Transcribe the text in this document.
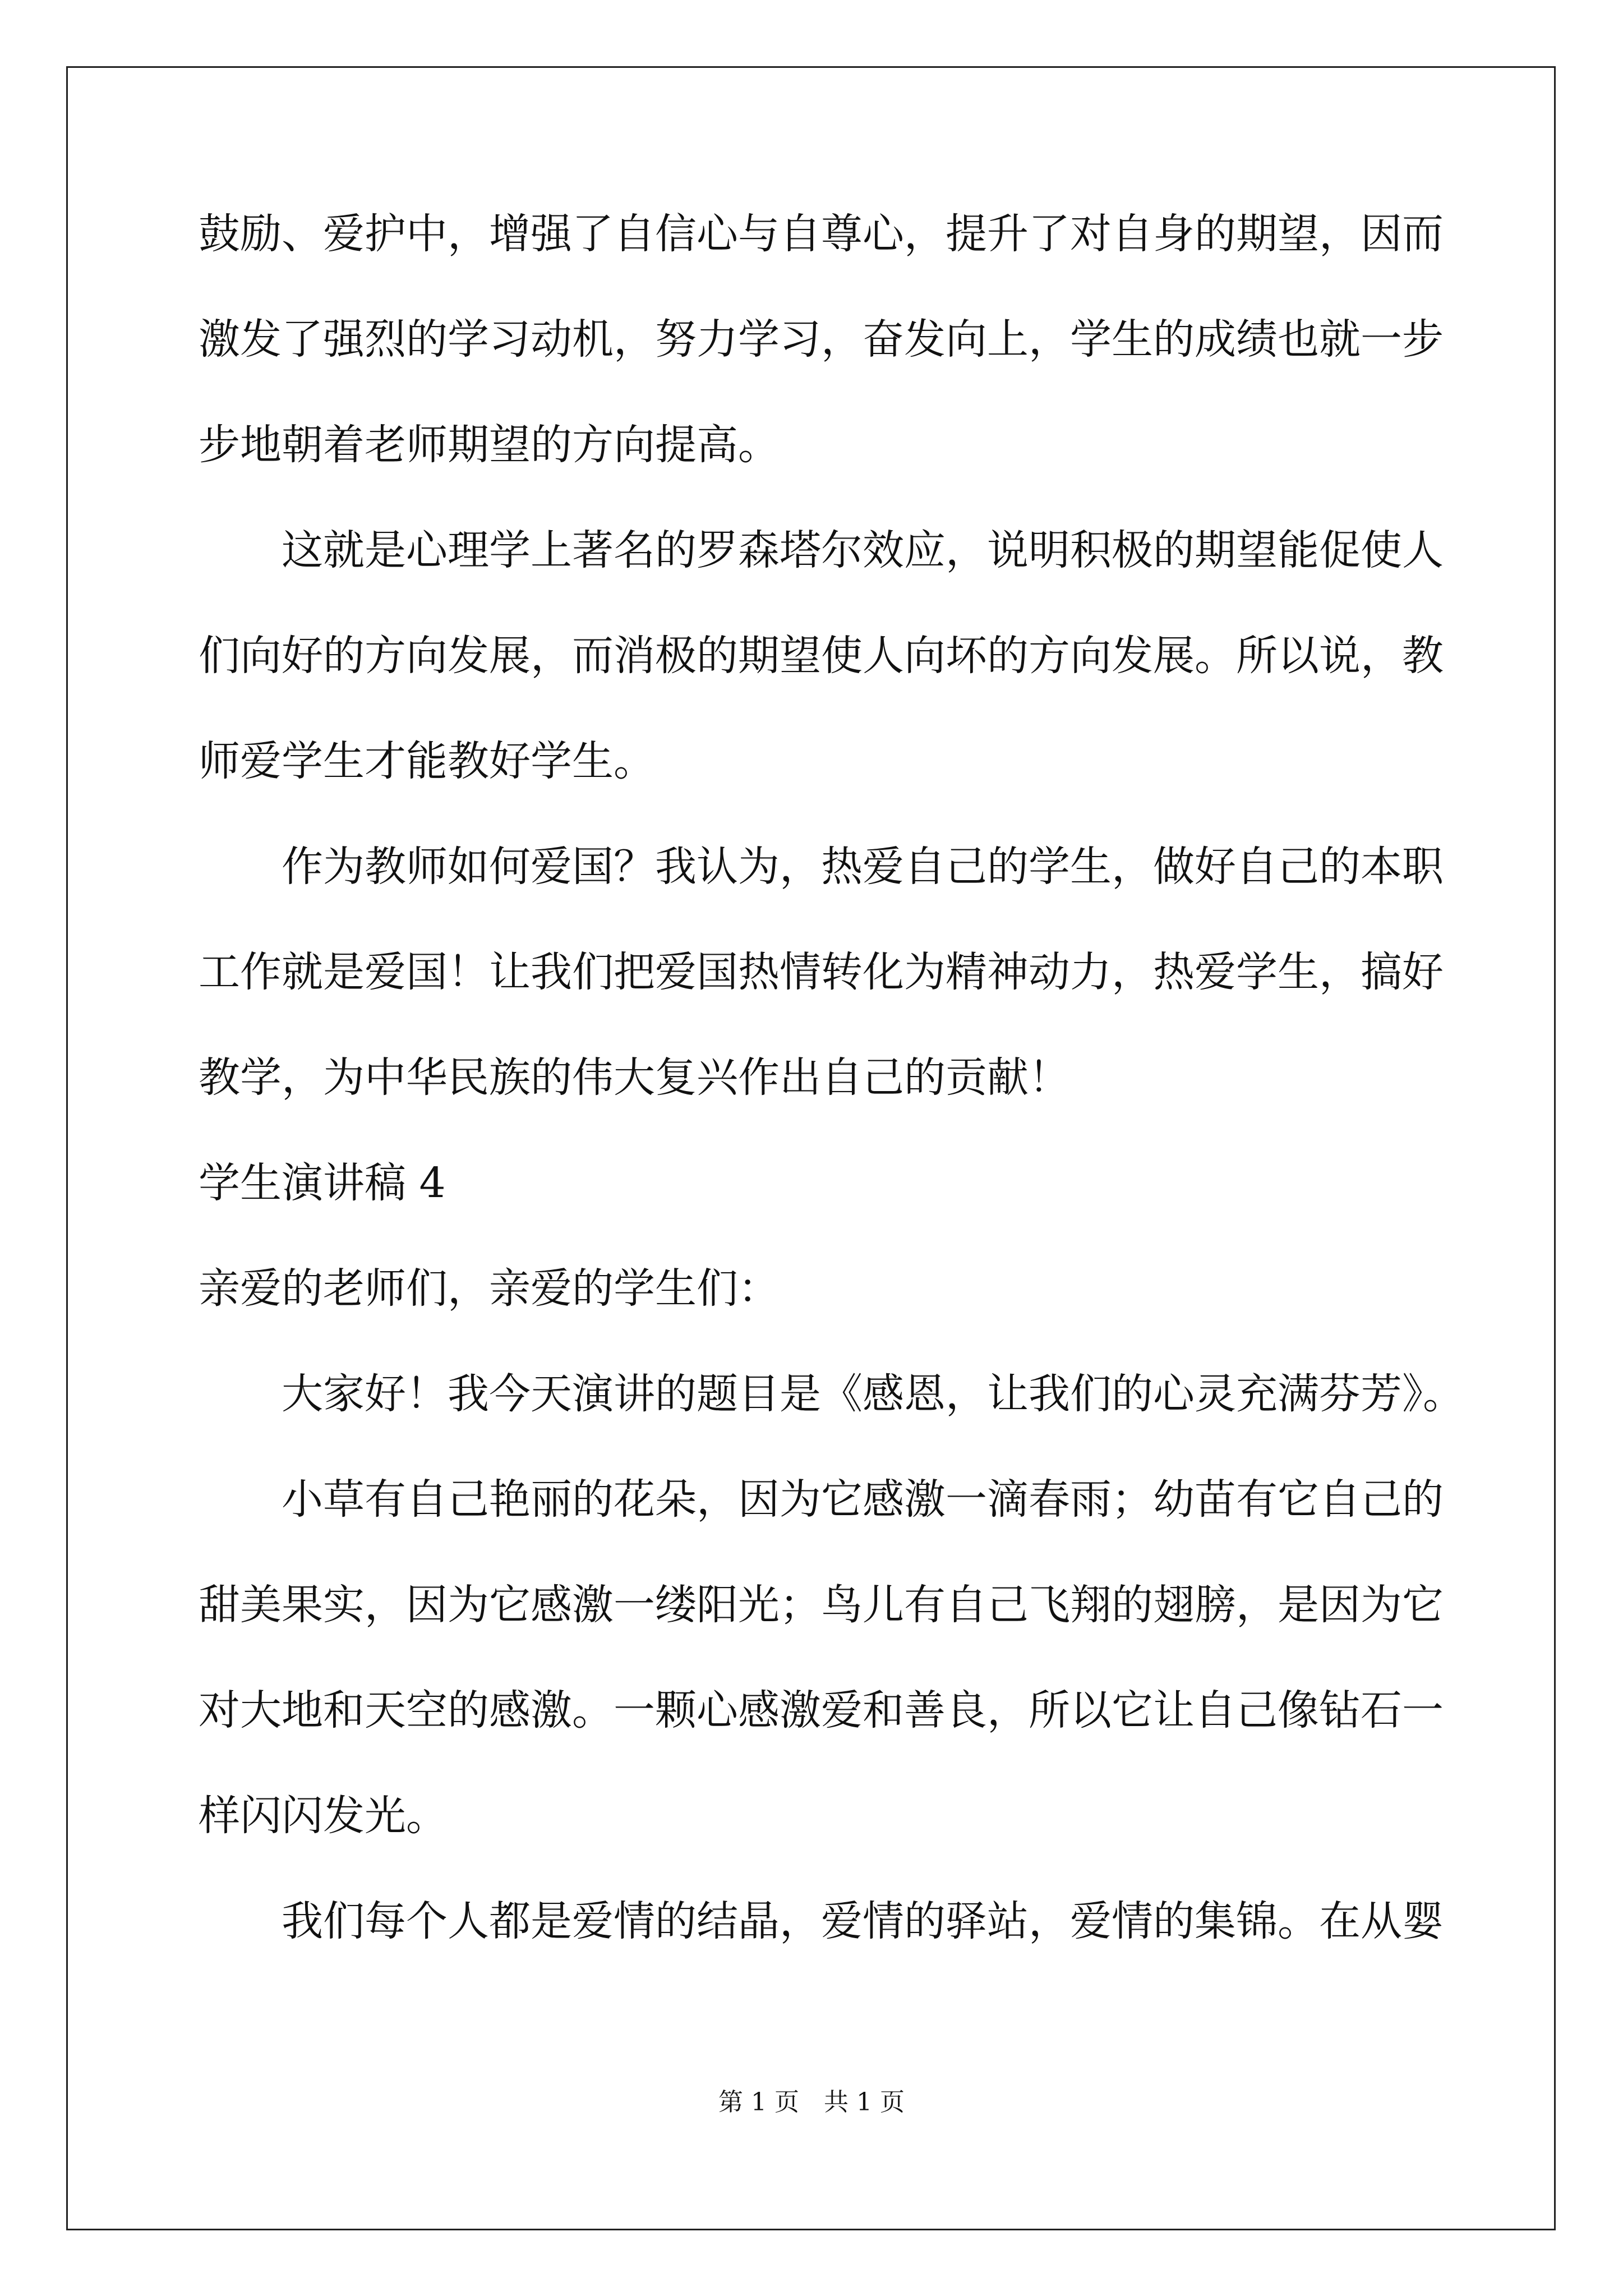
鼓励、爱护中，增强了自信心与自尊心，提升了对自身的期望，因而
激发了强烈的学习动机，努力学习，奋发向上，学生的成绩也就一步
步地朝着老师期望的方向提高。
这就是心理学上著名的罗森塔尔效应，说明积极的期望能促使人
们向好的方向发展，而消极的期望使人向坏的方向发展。所以说，教
师爱学生才能教好学生。
作为教师如何爱国？我认为，热爱自己的学生，做好自己的本职
工作就是爱国！让我们把爱国热情转化为精神动力，热爱学生，搞好
教学，为中华民族的伟大复兴作出自己的贡献！
学生演讲稿 4
亲爱的老师们，亲爱的学生们：
大家好！我今天演讲的题目是《感恩，让我们的心灵充满芬芳》。
小草有自己艳丽的花朵，因为它感激一滴春雨；幼苗有它自己的
甜美果实，因为它感激一缕阳光；鸟儿有自己飞翔的翅膀，是因为它
对大地和天空的感激。一颗心感激爱和善良，所以它让自己像钻石一
样闪闪发光。
我们每个人都是爱情的结晶，爱情的驿站，爱情的集锦。在从婴
第 1 页　共 1 页
